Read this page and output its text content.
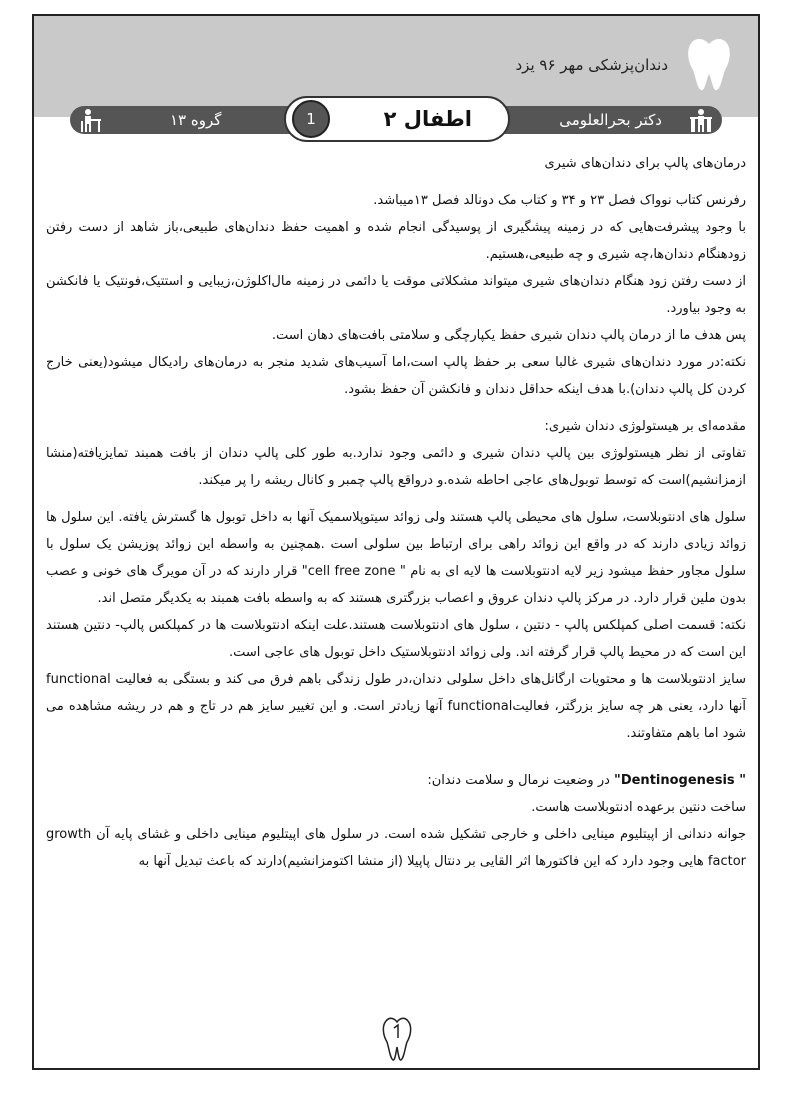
دندان‌پزشکی مهر ۹۶ یزد
دکتر بحرالعلومی
گروه ۱۳	اطفال ۲
1

درمان‌های پالپ برای دندان‌های شیری

رفرنس کتاب نوواک فصل ۲۳ و ۳۴ و کتاب مک دونالد فصل ۱۳میباشد.

با وجود پیشرفت‌هایی که در زمینه پیشگیری از پوسیدگی انجام شده و اهمیت حفظ دندان‌های طبیعی،باز شاهد از دست رفتن زودهنگام دندان‌ها،چه شیری و چه طبیعی،هستیم.

از دست رفتن زود هنگام دندان‌های شیری میتواند مشکلاتی موقت یا دائمی در زمینه مال‌اکلوژن،زیبایی و استتیک،فونتیک یا فانکشن به وجود بیاورد.

پس هدف ما از درمان پالپ دندان شیری حفظ یکپارچگی و سلامتی بافت‌های دهان است.

نکته:در مورد دندان‌های شیری غالبا سعی بر حفظ پالپ است،اما آسیب‌های شدید منجر به درمان‌های رادیکال میشود(یعنی خارج کردن کل پالپ دندان).با هدف اینکه حداقل دندان و فانکشن آن حفظ بشود.

مقدمه‌ای بر هیستولوژی دندان شیری:

تفاوتی از نظر هیستولوژی بین پالپ دندان شیری و دائمی وجود ندارد.به طور کلی پالپ دندان از بافت همبند تمایزیافته(منشا ازمزانشیم)است که توسط توبول‌های عاجی احاطه شده.و درواقع پالپ چمبر و کانال ریشه را پر میکند.

سلول های ادنتوبلاست، سلول های محیطی پالپ هستند ولی زوائد سیتوپلاسمیک آنها به داخل توبول ها گسترش یافته. این سلول ها زوائد زیادی دارند که در واقع این زوائد راهی برای ارتباط بین سلولی است .همچنین به واسطه این زوائد پوزیشن یک سلول با سلول مجاور حفظ میشود زیر لایه ادنتوبلاست ها لایه ای به نام " cell free zone" قرار دارند که در آن مویرگ های خونی و عصب بدون ملین قرار دارد. در مرکز پالپ دندان عروق و اعصاب بزرگتری هستند که به واسطه بافت همبند به یکدیگر متصل اند.

نکته: قسمت اصلی کمپلکس پالپ - دنتین ، سلول های ادنتوبلاست هستند.علت اینکه ادنتوبلاست ها در کمپلکس پالپ- دنتین هستند این است که در محیط پالپ قرار گرفته اند. ولی زوائد ادنتوبلاستیک داخل توبول های عاجی است.

سایز ادنتوبلاست ها و محتویات ارگانل‌های داخل سلولی دندان،در طول زندگی باهم فرق می کند و بستگی به فعالیت functional آنها دارد، یعنی هر چه سایز بزرگتر، فعالیتfunctional آنها زیادتر است. و این تغییر سایز هم در تاج و هم در ریشه مشاهده می شود اما باهم متفاوتند.

" Dentinogenesis" در وضعیت نرمال و سلامت دندان:

ساخت دنتین برعهده ادنتوبلاست هاست.

جوانه دندانی از اپیتلیوم مینایی داخلی و خارجی تشکیل شده است. در سلول های اپیتلیوم مینایی داخلی و غشای پایه آن growth factor هایی وجود دارد که این فاکتورها اثر القایی بر دنتال پاپیلا (از منشا اکتومزانشیم)دارند که باعث تبدیل آنها به
